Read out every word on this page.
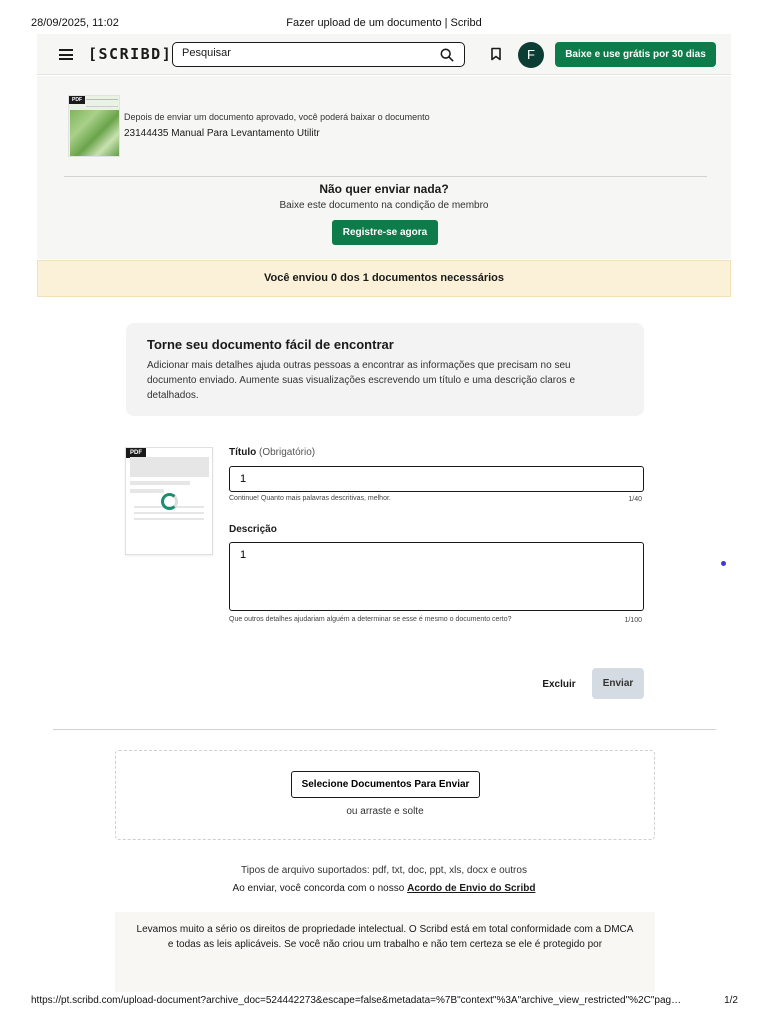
28/09/2025, 11:02	Fazer upload de um documento | Scribd
[SCRIBD]
Pesquisar	F	Baixe e use grátis por 30 dias
PDF
Depois de enviar um documento aprovado, você poderá baixar o documento
23144435 Manual Para Levantamento Utilitr
Não quer enviar nada?
Baixe este documento na condição de membro
Registre-se agora
Você enviou 0 dos 1 documentos necessários
Torne seu documento fácil de encontrar
Adicionar mais detalhes ajuda outras pessoas a encontrar as informações que precisam no seu documento enviado. Aumente suas visualizações escrevendo um título e uma descrição claros e detalhados.
PDF	Título (Obrigatório)
1
Continue! Quanto mais palavras descritivas, melhor.	1/40
Descrição
1
Que outros detalhes ajudariam alguém a determinar se esse é mesmo o documento certo?	1/100
Excluir	Enviar
Selecione Documentos Para Enviar
ou arraste e solte
Tipos de arquivo suportados: pdf, txt, doc, ppt, xls, docx e outros
Ao enviar, você concorda com o nosso Acordo de Envio do Scribd

Levamos muito a sério os direitos de propriedade intelectual. O Scribd está em total conformidade com a DMCA e todas as leis aplicáveis. Se você não criou um trabalho e não tem certeza se ele é protegido por

https://pt.scribd.com/upload-document?archive_doc=524442273&escape=false&metadata=%7B"context"%3A"archive_view_restricted"%2C"pag…	1/2
